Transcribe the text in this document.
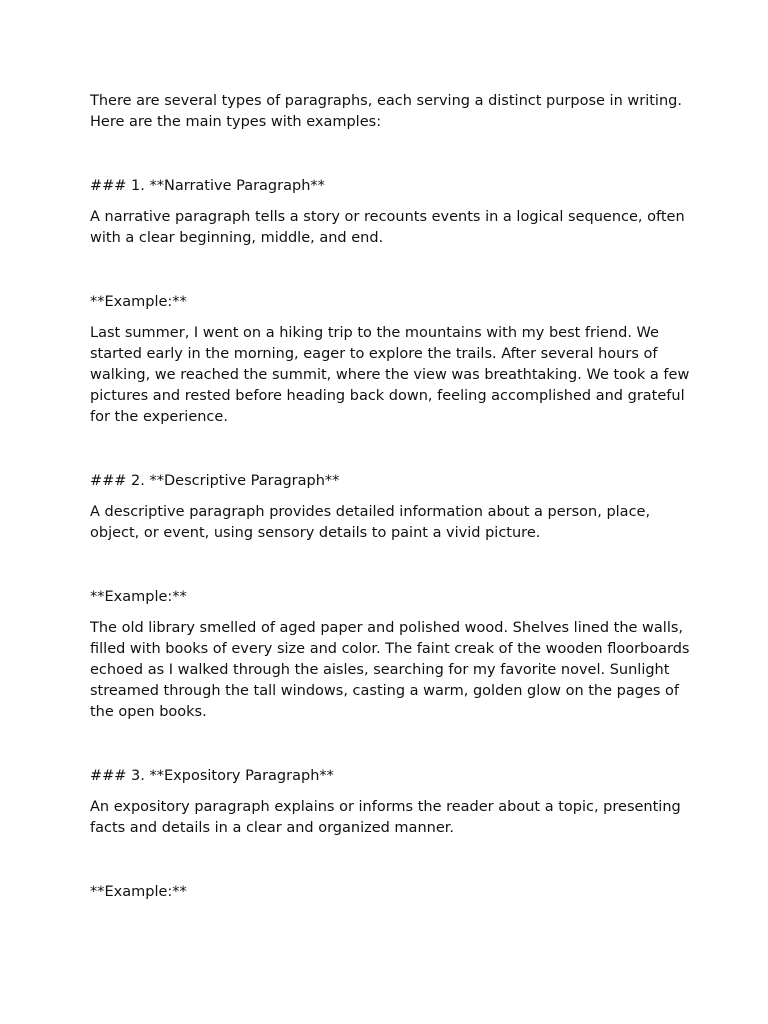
There are several types of paragraphs, each serving a distinct purpose in writing. Here are the main types with examples:

### 1. **Narrative Paragraph**

A narrative paragraph tells a story or recounts events in a logical sequence, often with a clear beginning, middle, and end.

**Example:**

Last summer, I went on a hiking trip to the mountains with my best friend. We started early in the morning, eager to explore the trails. After several hours of walking, we reached the summit, where the view was breathtaking. We took a few pictures and rested before heading back down, feeling accomplished and grateful for the experience.

### 2. **Descriptive Paragraph**

A descriptive paragraph provides detailed information about a person, place, object, or event, using sensory details to paint a vivid picture.

**Example:**

The old library smelled of aged paper and polished wood. Shelves lined the walls, filled with books of every size and color. The faint creak of the wooden floorboards echoed as I walked through the aisles, searching for my favorite novel. Sunlight streamed through the tall windows, casting a warm, golden glow on the pages of the open books.

### 3. **Expository Paragraph**

An expository paragraph explains or informs the reader about a topic, presenting facts and details in a clear and organized manner.

**Example:**
